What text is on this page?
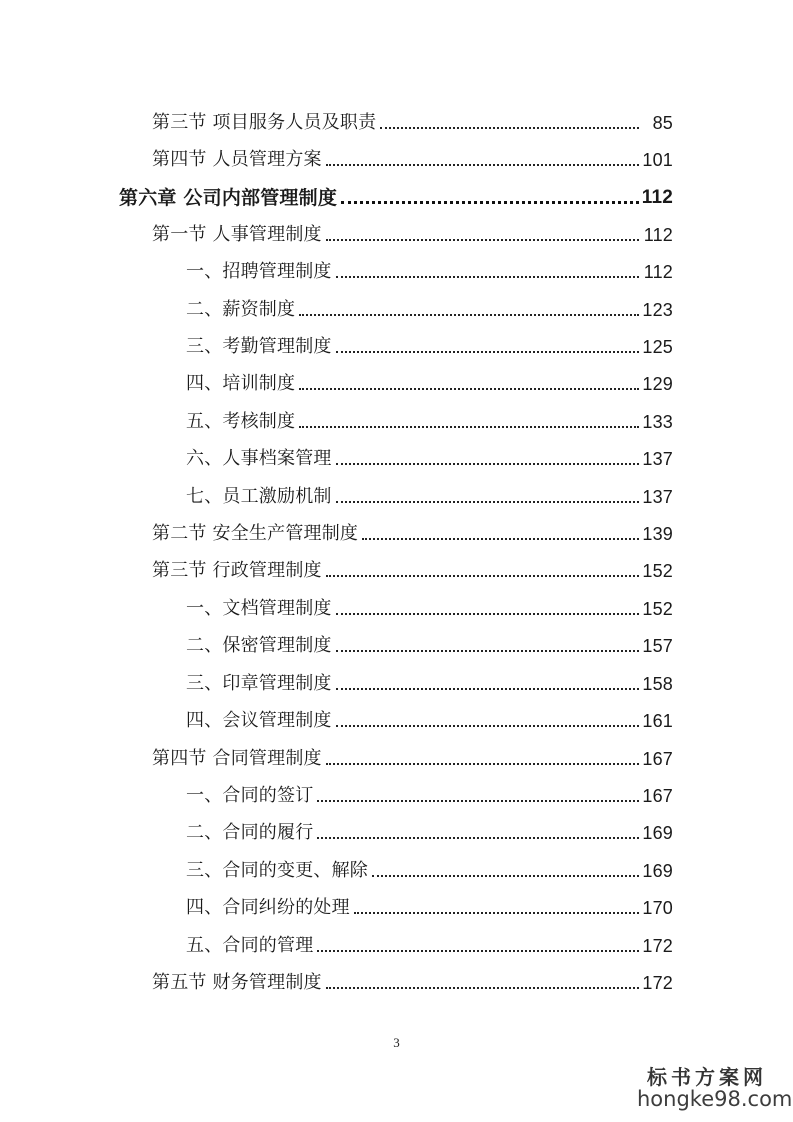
第三节 项目服务人员及职责	85
第四节 人员管理方案	101
第六章 公司内部管理制度	112
第一节 人事管理制度	112
一、招聘管理制度	112
二、薪资制度	123
三、考勤管理制度	125
四、培训制度	129
五、考核制度	133
六、人事档案管理	137
七、员工激励机制	137
第二节 安全生产管理制度	139
第三节 行政管理制度	152
一、文档管理制度	152
二、保密管理制度	157
三、印章管理制度	158
四、会议管理制度	161
第四节 合同管理制度	167
一、合同的签订	167
二、合同的履行	169
三、合同的变更、解除	169
四、合同纠纷的处理	170
五、合同的管理	172
第五节 财务管理制度	172
3
标书方案网
hongke98.com
